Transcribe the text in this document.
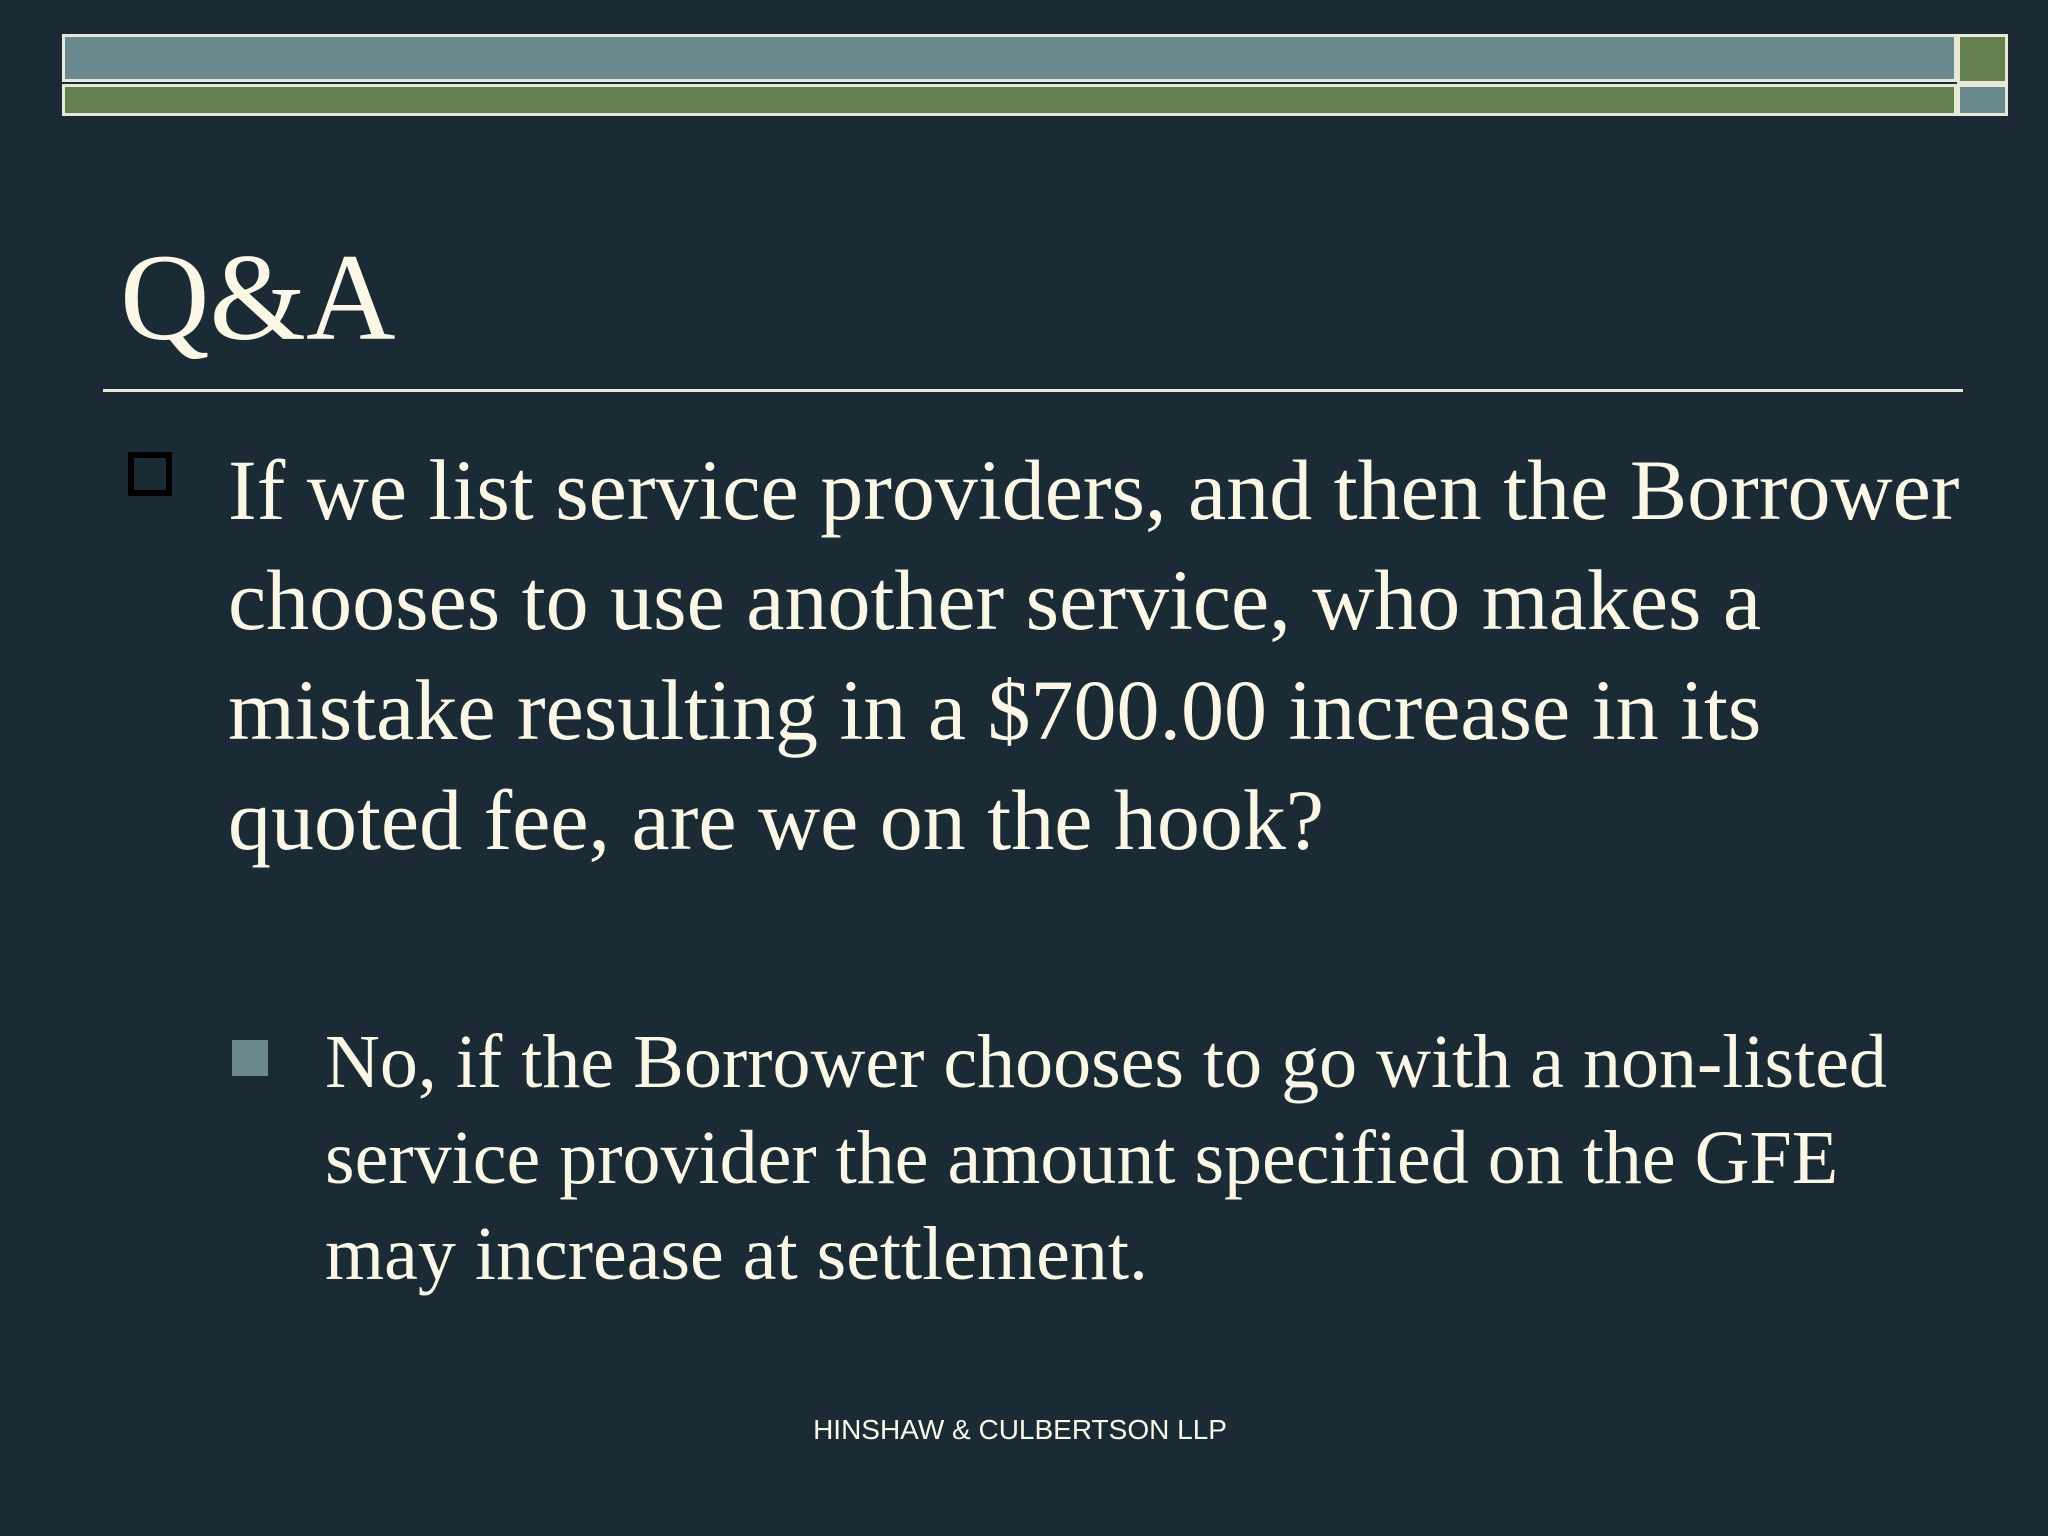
Q&A

If we list service providers, and then the Borrower chooses to use another service, who makes a mistake resulting in a $700.00 increase in its quoted fee, are we on the hook?

No, if the Borrower chooses to go with a non-listed service provider the amount specified on the GFE may increase at settlement.

HINSHAW & CULBERTSON LLP
